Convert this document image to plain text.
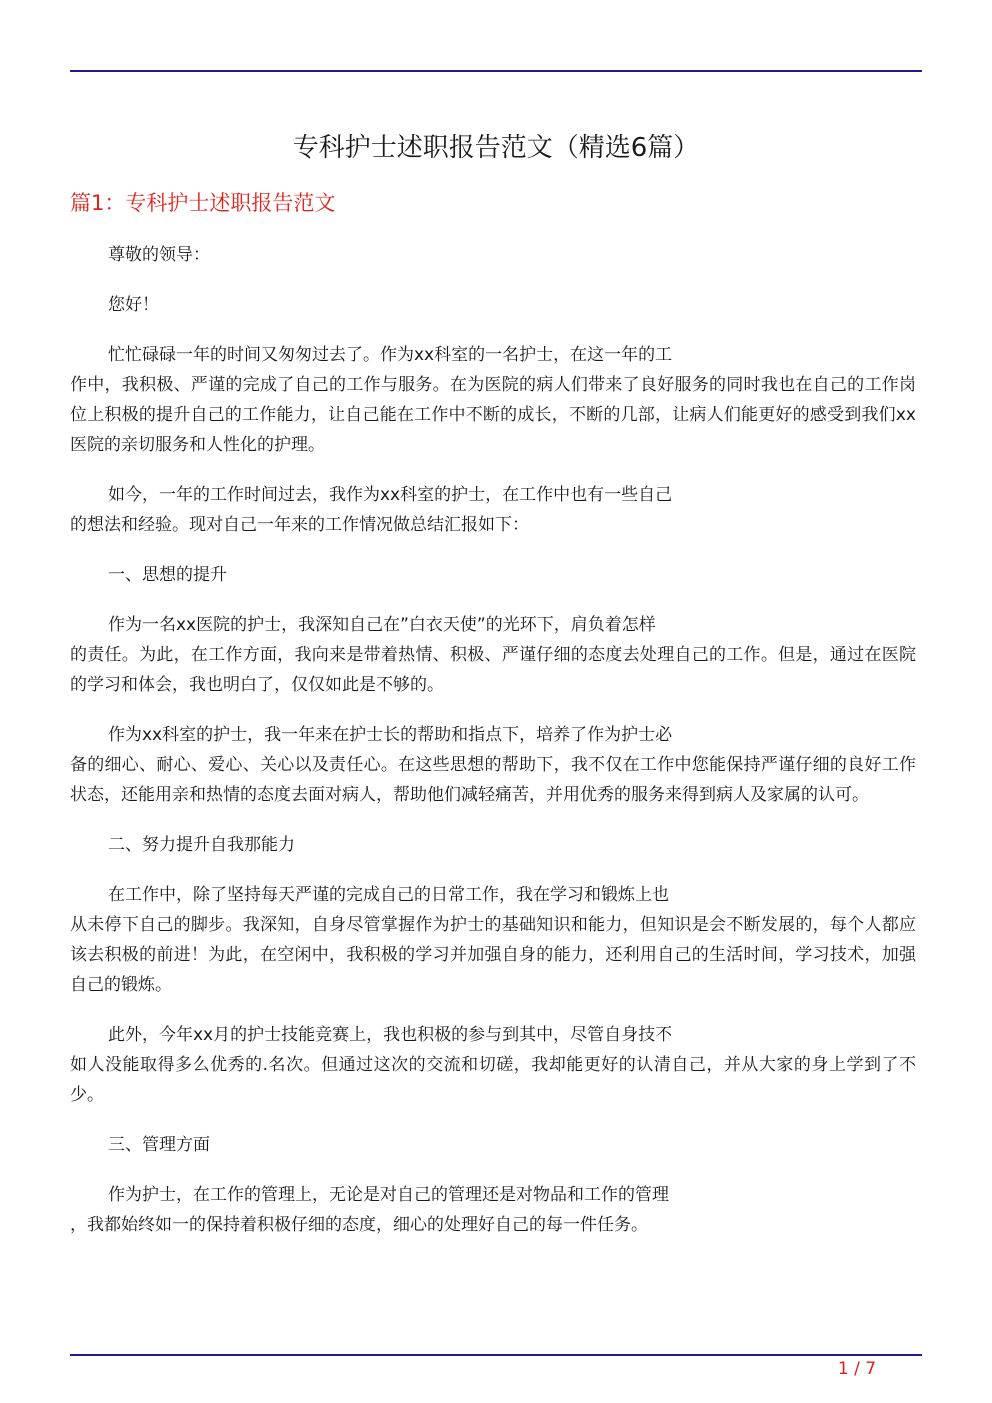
专科护士述职报告范文（精选6篇）
篇1：专科护士述职报告范文

尊敬的领导：

您好！

忙忙碌碌一年的时间又匆匆过去了。作为xx科室的一名护士，在这一年的工
作中，我积极、严谨的完成了自己的工作与服务。在为医院的病人们带来了良好服务的同时我也在自己的工作岗位上积极的提升自己的工作能力，让自己能在工作中不断的成长，不断的几部，让病人们能更好的感受到我们xx医院的亲切服务和人性化的护理。

如今，一年的工作时间过去，我作为xx科室的护士，在工作中也有一些自己
的想法和经验。现对自己一年来的工作情况做总结汇报如下：

一、思想的提升

作为一名xx医院的护士，我深知自己在”白衣天使”的光环下，肩负着怎样
的责任。为此，在工作方面，我向来是带着热情、积极、严谨仔细的态度去处理自己的工作。但是，通过在医院的学习和体会，我也明白了，仅仅如此是不够的。

作为xx科室的护士，我一年来在护士长的帮助和指点下，培养了作为护士必
备的细心、耐心、爱心、关心以及责任心。在这些思想的帮助下，我不仅在工作中您能保持严谨仔细的良好工作状态，还能用亲和热情的态度去面对病人，帮助他们减轻痛苦，并用优秀的服务来得到病人及家属的认可。

二、努力提升自我那能力

在工作中，除了坚持每天严谨的完成自己的日常工作，我在学习和锻炼上也
从未停下自己的脚步。我深知，自身尽管掌握作为护士的基础知识和能力，但知识是会不断发展的，每个人都应该去积极的前进！为此，在空闲中，我积极的学习并加强自身的能力，还利用自己的生活时间，学习技术，加强自己的锻炼。

此外，今年xx月的护士技能竞赛上，我也积极的参与到其中，尽管自身技不
如人没能取得多么优秀的.名次。但通过这次的交流和切磋，我却能更好的认清自己，并从大家的身上学到了不少。

三、管理方面

作为护士，在工作的管理上，无论是对自己的管理还是对物品和工作的管理
，我都始终如一的保持着积极仔细的态度，细心的处理好自己的每一件任务。

1 / 7
